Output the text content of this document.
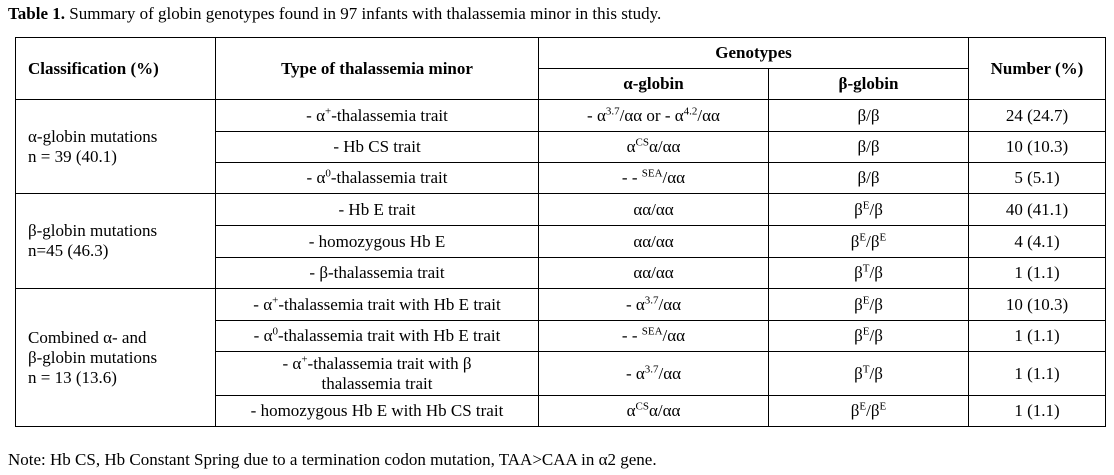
Table 1. Summary of globin genotypes found in 97 infants with thalassemia minor in this study.
Classification (%)	Type of thalassemia minor	Genotypes		Number (%)
		α-globin	β-globin	

α-globin mutations
n = 39 (40.1)	- α+-thalassemia trait	- $\alpha^{3.7}/\alpha\alpha$ or - $\alpha^{4.2}/\alpha\alpha$	β/β	24 (24.7)

	- Hb CS trait	$\alpha^{CS}\alpha/\alpha\alpha$	β/β	10 (10.3)

	- $\alpha^0$-thalassemia trait	- - $^{SEA}$/αα	β/β	5 (5.1)

β-globin mutations
n=45 (46.3)	- Hb E trait	αα/αα	$\beta^E/\beta$	40 (41.1)

	- homozygous Hb E	αα/αα	$\beta^E/\beta^E$	4 (4.1)

	- β-thalassemia trait	αα/αα	$\beta^T/\beta$	1 (1.1)

Combined α- and
β-globin mutations
n = 13 (13.6)	- α+-thalassemia trait with Hb E trait	- $\alpha^{3.7}/\alpha\alpha$	$\beta^E/\beta$	10 (10.3)

	- $\alpha^0$-thalassemia trait with Hb E trait	- - $^{SEA}$/αα	$\beta^E/\beta$	1 (1.1)

	- α+-thalassemia trait with β
thalassemia trait	- $\alpha^{3.7}/\alpha\alpha$	$\beta^T/\beta$	1 (1.1)

	- homozygous Hb E with Hb CS trait	$\alpha^{CS}\alpha/\alpha\alpha$	$\beta^E/\beta^E$	1 (1.1)
Note: Hb CS, Hb Constant Spring due to a termination codon mutation, TAA>CAA in α2 gene.
